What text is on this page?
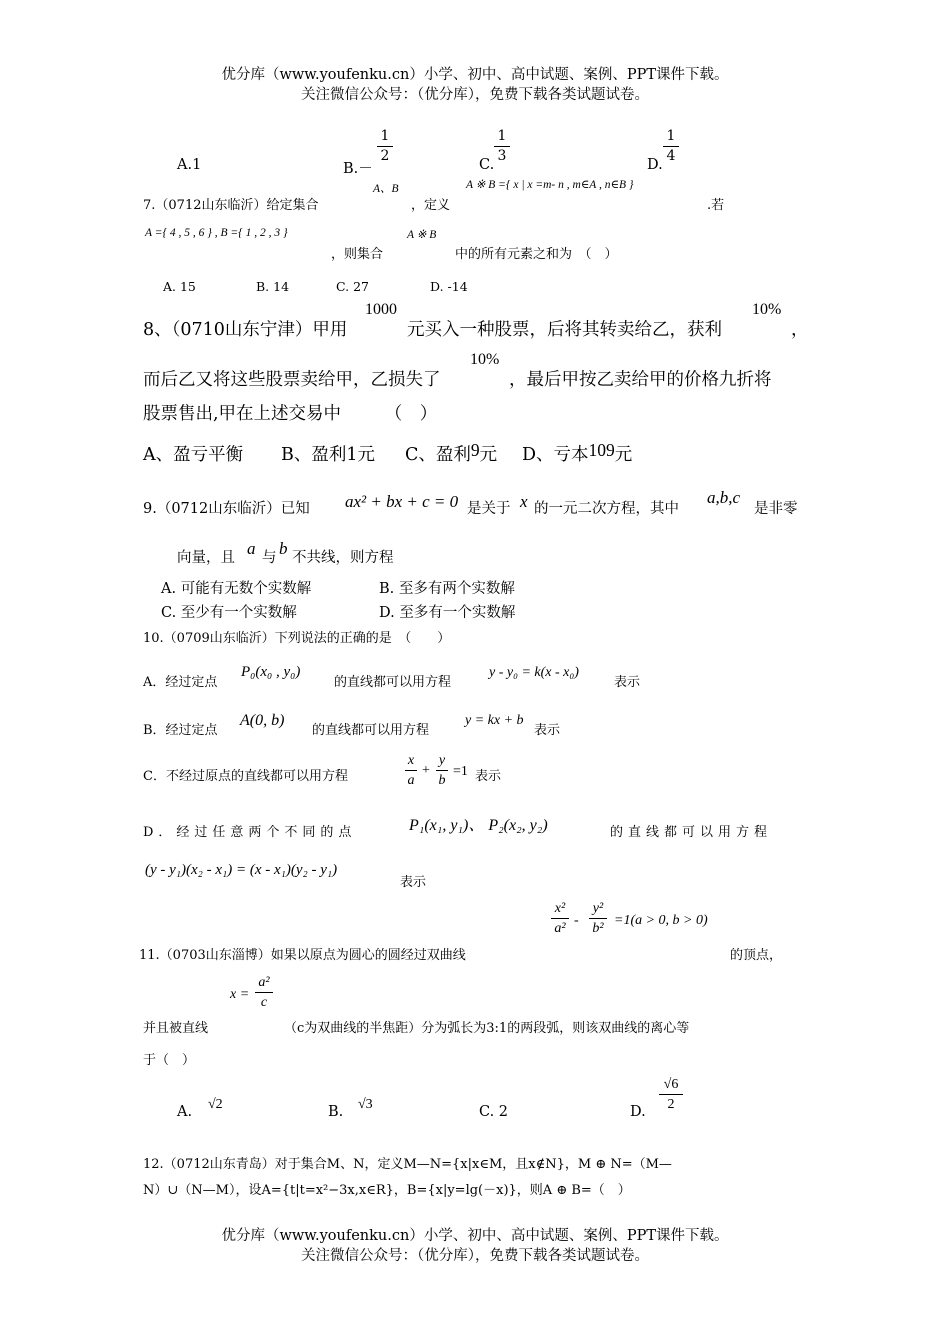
优分库（www.youfenku.cn）小学、初中、高中试题、案例、PPT课件下载。
关注微信公众号：（优分库），免费下载各类试题试卷。
A.1	B.－
1
2
C.
1
3
D.
1
4
A、B	A ※ B ={ x | x =m- n , m∈A , n∈B }
7.（0712山东临沂）给定集合	，定义	.若
A ={ 4 , 5 , 6 } , B ={ 1 , 2 , 3 }
，则集合
A ※ B
中的所有元素之和为　（　）
A. 15	B. 14	C. 27	D. -14
8、（0710山东宁津）甲用
1000
元买入一种股票，后将其转卖给乙，获利
10%
，
而后乙又将这些股票卖给甲，乙损失了
10%
，最后甲按乙卖给甲的价格九折将
股票售出,甲在上述交易中　　　（　）
A、盈亏平衡 B、盈利1元 C、盈利9元 D、亏本109元
9.（0712山东临沂）已知 ax² + bx + c = 0 是关于 x 的一元二次方程，其中
a,b,c
是非零
向量，且 a 与 b 不共线，则方程
A. 可能有无数个实数解	B. 至多有两个实数解
C. 至少有一个实数解	D. 至多有一个实数解
10.（0709山东临沂）下列说法的正确的是　（　　）
A．经过定点
P₀(x₀ , y₀)
的直线都可以用方程
y - y₀ = k(x - x₀)
表示
B．经过定点
A(0, b)
的直线都可以用方程
y = kx + b
表示
C．不经过原点的直线都可以用方程
x
a
+
y
b
=1 表示
D．经过任意两个不同的点	P₁(x₁, y₁)、 P₂(x₂, y₂)	的直线都可以用方程
(y - y₁)(x₂ - x₁) = (x - x₁)(y₂ - y₁)
表示
x²
a²
-
y²
b²
=1(a > 0, b > 0)
11.（0703山东淄博）如果以原点为圆心的圆经过双曲线	的顶点，
x =
a²
c
并且被直线	（c为双曲线的半焦距）分为弧长为3:1的两段弧，则该双曲线的离心等
于（　）
A. √2	B. √3	C. 2	D.
√6
2
12.（0712山东青岛）对于集合M、N，定义M—N={x|x∈M，且x∉N}，M ⊕ N=（M—
N）∪（N—M），设A={t|t=x²−3x,x∈R}，B={x|y=lg(－x)}，则A ⊕ B=（　）
优分库（www.youfenku.cn）小学、初中、高中试题、案例、PPT课件下载。
关注微信公众号：（优分库），免费下载各类试题试卷。
